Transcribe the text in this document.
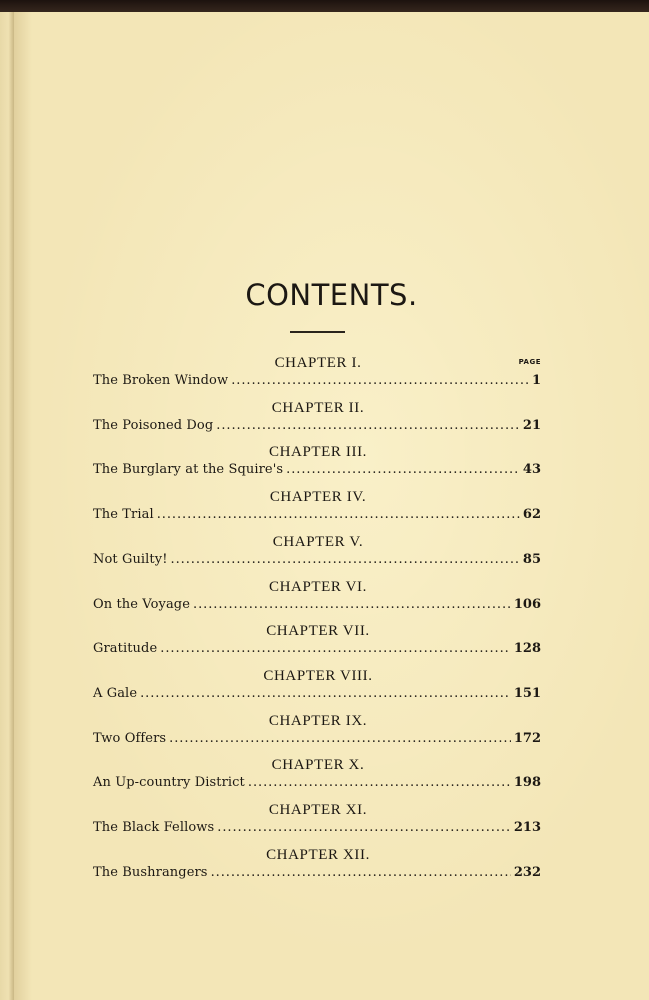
CONTENTS.
PAGE
CHAPTER I.
The Broken Window . . .	1
CHAPTER II.
The Poisoned Dog . . .	21
CHAPTER III.
The Burglary at the Squire's . . .	43
CHAPTER IV.
The Trial . . .	62
CHAPTER V.
Not Guilty! . . .	85
CHAPTER VI.
On the Voyage . . .	106
CHAPTER VII.
Gratitude . . .	128
CHAPTER VIII.
A Gale . . .	151
CHAPTER IX.
Two Offers . . .	172
CHAPTER X.
An Up-country District . . .	198
CHAPTER XI.
The Black Fellows . . .	213
CHAPTER XII.
The Bushrangers . . .	232
